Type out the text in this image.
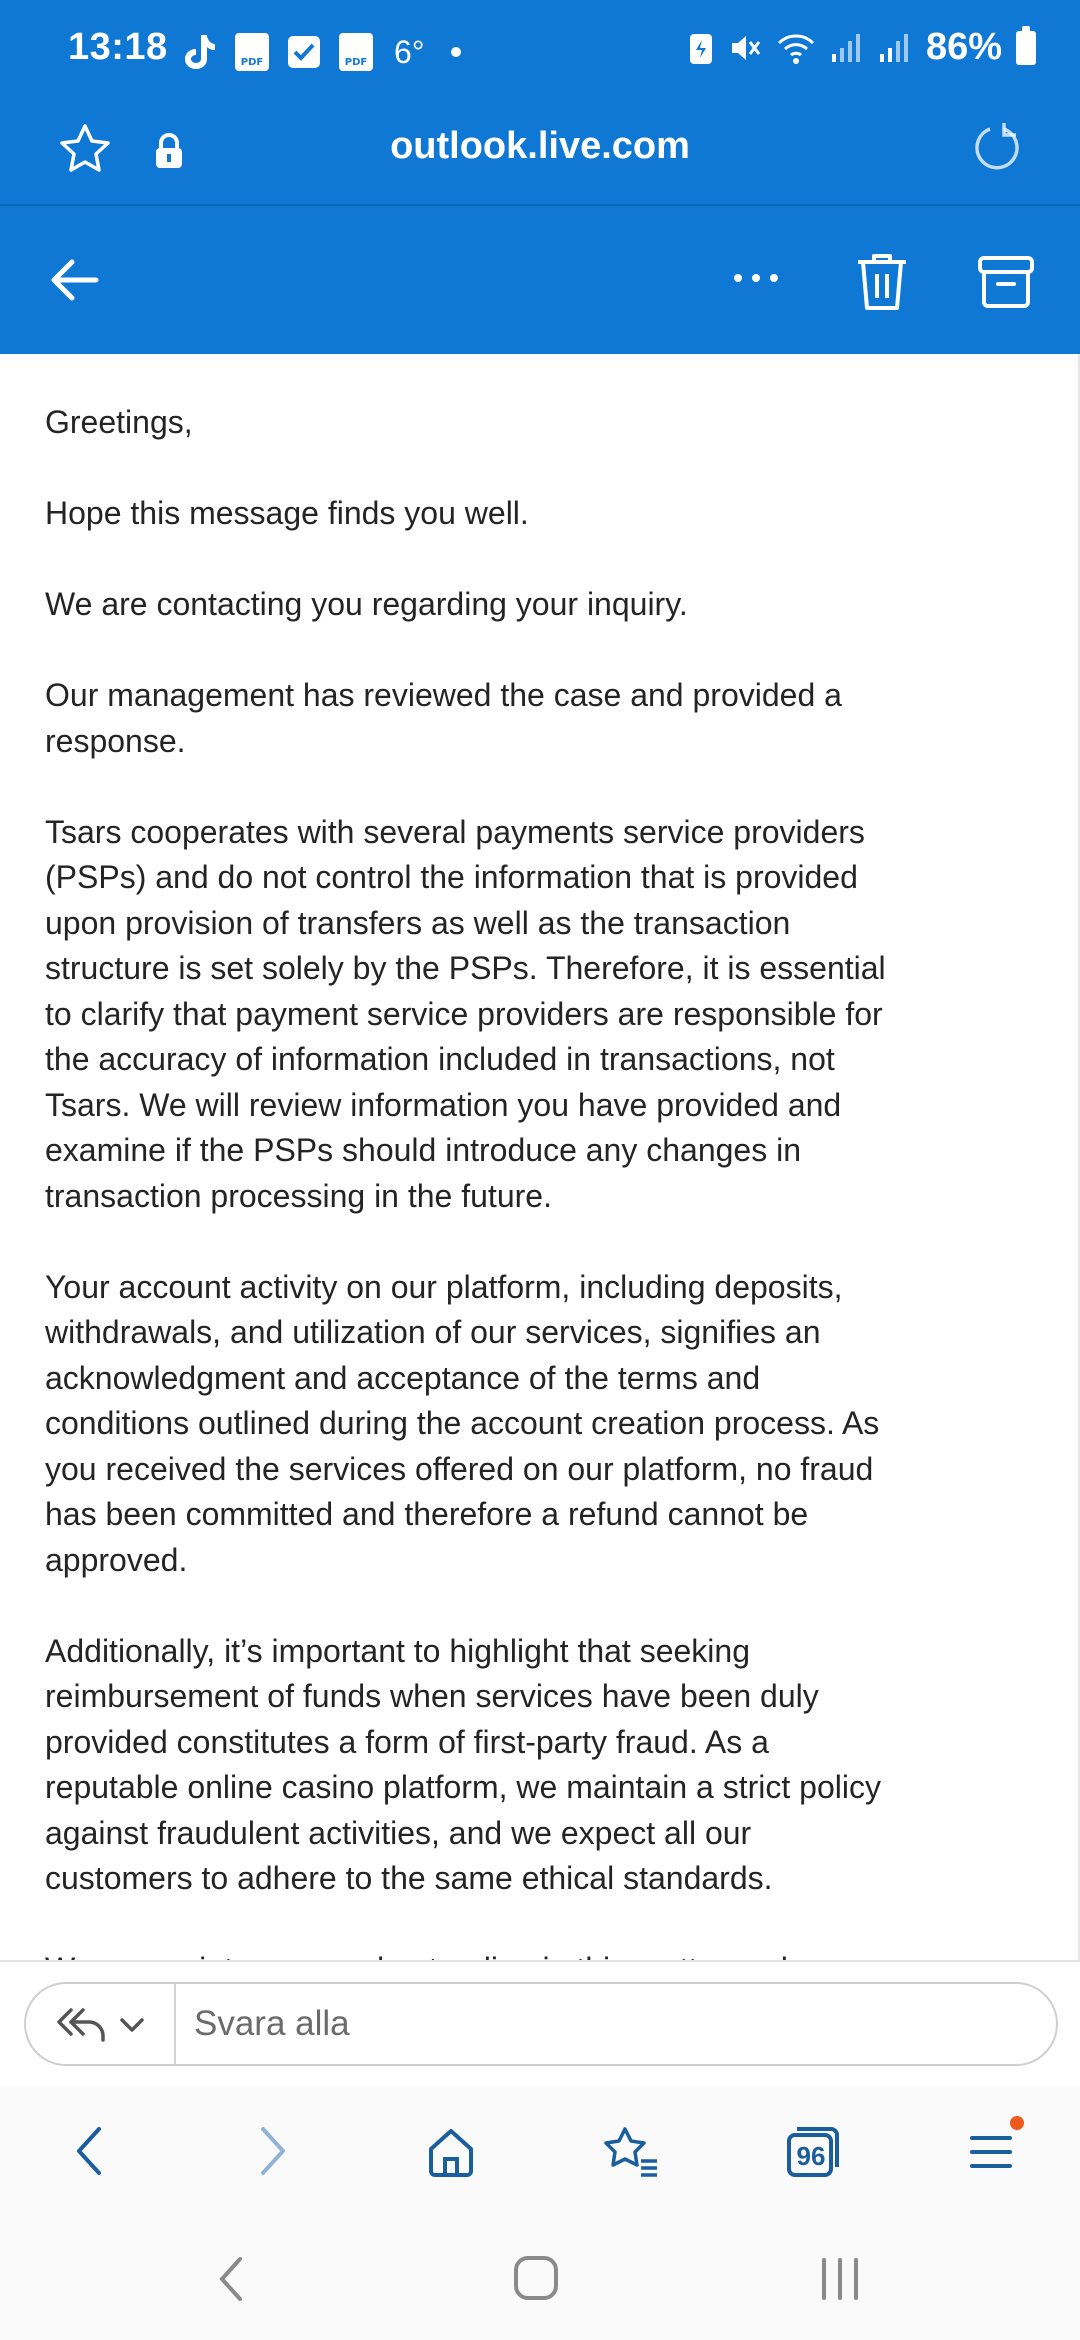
13:18	PDF	PDF 6°	86%
outlook.live.com

Greetings,

Hope this message finds you well.

We are contacting you regarding your inquiry.

Our management has reviewed the case and provided a response.

Tsars cooperates with several payments service providers (PSPs) and do not control the information that is provided upon provision of transfers as well as the transaction structure is set solely by the PSPs. Therefore, it is essential to clarify that payment service providers are responsible for the accuracy of information included in transactions, not Tsars. We will review information you have provided and examine if the PSPs should introduce any changes in transaction processing in the future.

Your account activity on our platform, including deposits, withdrawals, and utilization of our services, signifies an acknowledgment and acceptance of the terms and conditions outlined during the account creation process. As you received the services offered on our platform, no fraud has been committed and therefore a refund cannot be approved.

Additionally, it’s important to highlight that seeking reimbursement of funds when services have been duly provided constitutes a form of first-party fraud. As a reputable online casino platform, we maintain a strict policy against fraudulent activities, and we expect all our customers to adhere to the same ethical standards.

Svara alla
96
